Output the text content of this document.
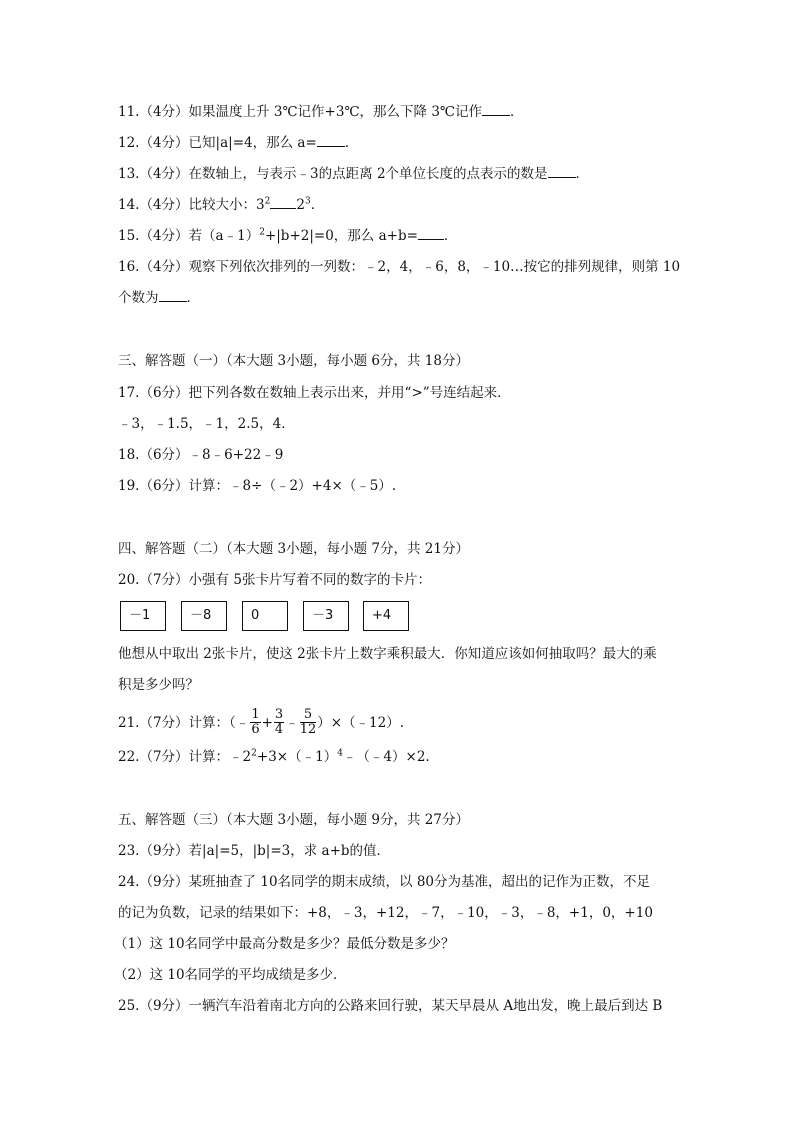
11.（4分）如果温度上升 3℃记作+3℃，那么下降 3℃记作 ．
12.（4分）已知|a|=4，那么 a= ．
13.（4分）在数轴上，与表示﹣3的点距离 2个单位长度的点表示的数是 ．
14.（4分）比较大小：$3^2$ $2^3$．
15.（4分）若（a﹣1）$^2$+|b+2|=0，那么 a+b= ．
16.（4分）观察下列依次排列的一列数：﹣2，4，﹣6，8，﹣10…按它的排列规律，则第 10
个数为 ．
三、解答题（一）（本大题 3小题，每小题 6分，共 18分）
17.（6分）把下列各数在数轴上表示出来，并用“>”号连结起来．
﹣3，﹣1.5，﹣1，2.5，4．
18.（6分）﹣8﹣6+22﹣9
19.（6分）计算：﹣8÷（﹣2）+4×（﹣5）.
四、解答题（二）（本大题 3小题，每小题 7分，共 21分）
20.（7分）小强有 5张卡片写着不同的数字的卡片：
－1	－8	0	－3	+4
他想从中取出 2张卡片，使这 2张卡片上数字乘积最大．你知道应该如何抽取吗？最大的乘
积是多少吗？
21.（7分）计算：（﹣ $\frac{1}{6} + \frac{3}{4}$ ﹣ $\frac{5}{12}$ ）×（﹣12）.
22.（7分）计算：$﹣2^2+3\times(﹣1)^4﹣(﹣4)\times 2$.
五、解答题（三）（本大题 3小题，每小题 9分，共 27分）
23.（9分）若|a|=5，|b|=3，求 a+b的值．
24.（9分）某班抽查了 10名同学的期末成绩，以 80分为基准，超出的记作为正数，不足
的记为负数，记录的结果如下：+8，﹣3，+12，﹣7，﹣10，﹣3，﹣8，+1，0，+10
（1）这 10名同学中最高分数是多少？最低分数是多少？
（2）这 10名同学的平均成绩是多少．
25.（9分）一辆汽车沿着南北方向的公路来回行驶，某天早晨从 A地出发，晚上最后到达 B
